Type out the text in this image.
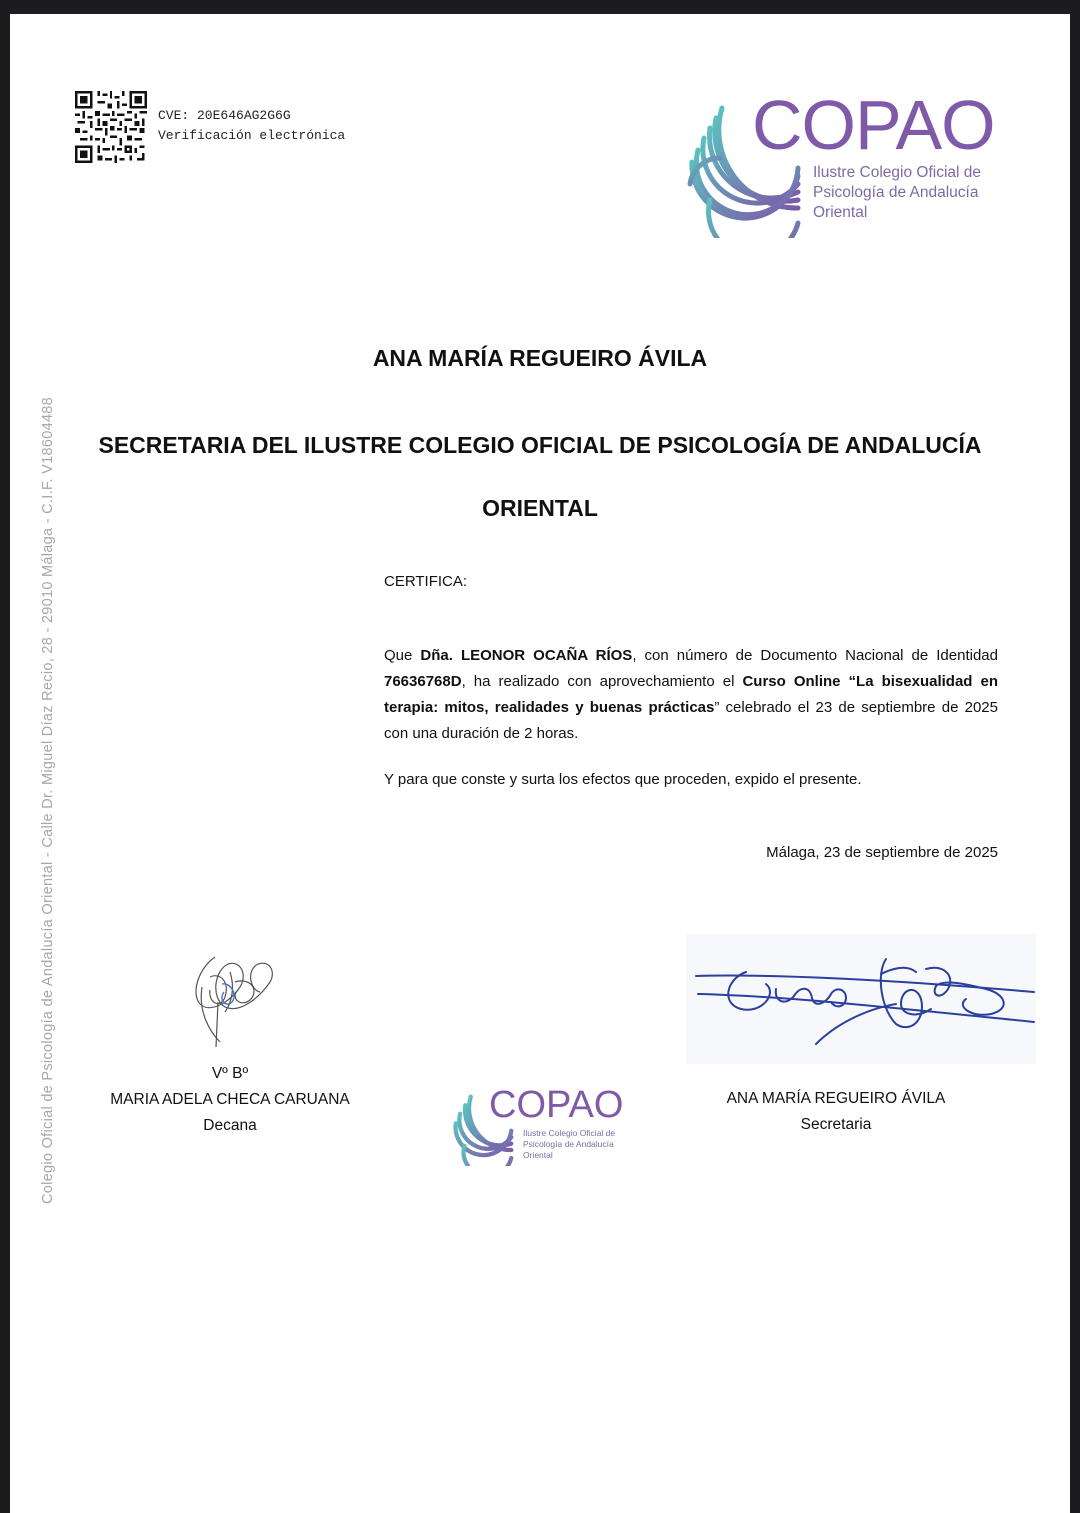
CVE: 20E646AG2G6G
Verificación electrónica	COPAO
Ilustre Colegio Oficial de
Psicología de Andalucía
Oriental
Colegio Oficial de Psicología de Andalucía Oriental - Calle Dr. Miguel Díaz Recio, 28 - 29010 Málaga - C.I.F. V18604488
ANA MARÍA REGUEIRO ÁVILA
SECRETARIA DEL ILUSTRE COLEGIO OFICIAL DE PSICOLOGÍA DE ANDALUCÍA
ORIENTAL
CERTIFICA:
Que Dña. LEONOR OCAÑA RÍOS, con número de Documento Nacional de Identidad 76636768D, ha realizado con aprovechamiento el Curso Online “La bisexualidad en terapia: mitos, realidades y buenas prácticas” celebrado el 23 de septiembre de 2025 con una duración de 2 horas.
Y para que conste y surta los efectos que proceden, expido el presente.
Málaga, 23 de septiembre de 2025
Vº Bº
MARIA ADELA CHECA CARUANA
Decana
ANA MARÍA REGUEIRO ÁVILA
Secretaria
COPAO
Ilustre Colegio Oficial de
Psicología de Andalucía
Oriental
